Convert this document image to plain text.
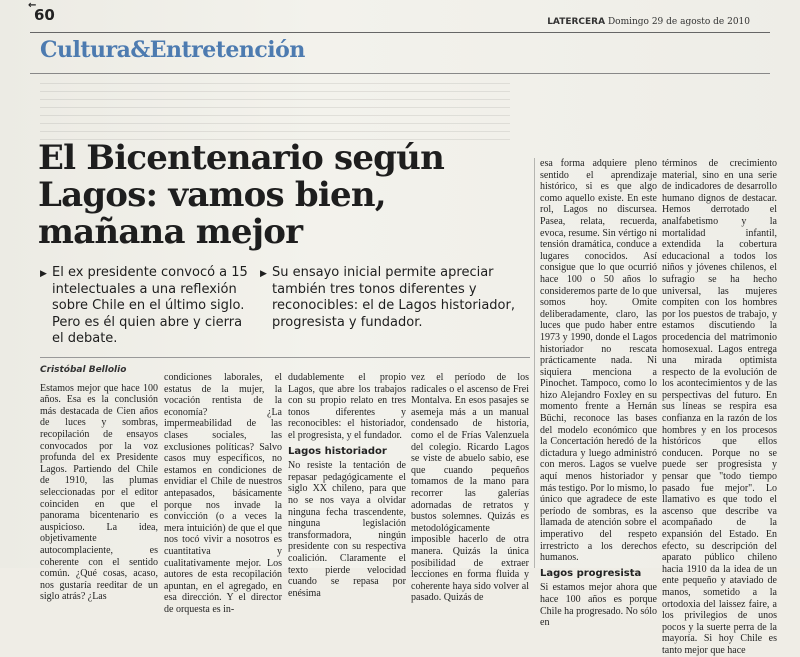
←
60	LATERCERA Domingo 29 de agosto de 2010
Cultura&Entretención
El Bicentenario según Lagos: vamos bien, mañana mejor
▶ El ex presidente convocó a 15 intelectuales a una reflexión sobre Chile en el último siglo. Pero es él quien abre y cierra el debate.
▶ Su ensayo inicial permite apreciar también tres tonos diferentes y reconocibles: el de Lagos historiador, progresista y fundador.

Cristóbal Bellolio

Estamos mejor que hace 100 años. Esa es la conclusión más destacada de Cien años de luces y sombras, recopilación de ensayos convocados por la voz profunda del ex Presidente Lagos. Partiendo del Chile de 1910, las plumas seleccionadas por el editor coinciden en que el panorama bicentenario es auspicioso. La idea, objetivamente autocomplaciente, es coherente con el sentido común. ¿Qué cosas, acaso, nos gustaría reeditar de un siglo atrás? ¿Las

condiciones laborales, el estatus de la mujer, la vocación rentista de la economía? ¿La impermeabilidad de las clases sociales, las exclusiones políticas? Salvo casos muy específicos, no estamos en condiciones de envidiar el Chile de nuestros antepasados, básicamente porque nos invade la convicción (o a veces la mera intuición) de que el que nos tocó vivir a nosotros es cuantitativa y cualitativamente mejor. Los autores de esta recopilación apuntan, en el agregado, en esa dirección. Y el director de orquesta es in-

dudablemente el propio Lagos, que abre los trabajos con su propio relato en tres tonos diferentes y reconocibles: el historiador, el progresista, y el fundador.

Lagos historiador

No resiste la tentación de repasar pedagógicamente el siglo XX chileno, para que no se nos vaya a olvidar ninguna fecha trascendente, ninguna legislación transformadora, ningún presidente con su respectiva coalición. Claramente el texto pierde velocidad cuando se repasa por enésima

vez el período de los radicales o el ascenso de Frei Montalva. En esos pasajes se asemeja más a un manual condensado de historia, como el de Frías Valenzuela del colegio. Ricardo Lagos se viste de abuelo sabio, ese que cuando pequeños tomamos de la mano para recorrer las galerías adornadas de retratos y bustos solemnes. Quizás es metodológicamente imposible hacerlo de otra manera. Quizás la única posibilidad de extraer lecciones en forma fluida y coherente haya sido volver al pasado. Quizás de

esa forma adquiere pleno sentido el aprendizaje histórico, si es que algo como aquello existe. En este rol, Lagos no discursea. Pasea, relata, recuerda, evoca, resume. Sin vértigo ni tensión dramática, conduce a lugares conocidos. Así consigue que lo que ocurrió hace 100 o 50 años lo consideremos parte de lo que somos hoy. Omite deliberadamente, claro, las luces que pudo haber entre 1973 y 1990, donde el Lagos historiador no rescata prácticamente nada. Ni siquiera menciona a Pinochet. Tampoco, como lo hizo Alejandro Foxley en su momento frente a Hernán Büchi, reconoce las bases del modelo económico que la Concertación heredó de la dictadura y luego administró con meros. Lagos se vuelve aquí menos historiador y más testigo. Por lo mismo, lo único que agradece de este período de sombras, es la llamada de atención sobre el imperativo del respeto irrestricto a los derechos humanos.

Lagos progresista

Si estamos mejor ahora que hace 100 años es porque Chile ha progresado. No sólo en

términos de crecimiento material, sino en una serie de indicadores de desarrollo humano dignos de destacar. Hemos derrotado el analfabetismo y la mortalidad infantil, extendida la cobertura educacional a todos los niños y jóvenes chilenos, el sufragio se ha hecho universal, las mujeres compiten con los hombres por los puestos de trabajo, y estamos discutiendo la procedencia del matrimonio homosexual. Lagos entrega una mirada optimista respecto de la evolución de los acontecimientos y de las perspectivas del futuro. En sus líneas se respira esa confianza en la razón de los hombres y en los procesos históricos que ellos conducen. Porque no se puede ser progresista y pensar que "todo tiempo pasado fue mejor". Lo llamativo es que todo el ascenso que describe va acompañado de la expansión del Estado. En efecto, su descripción del aparato público chileno hacia 1910 da la idea de un ente pequeño y ataviado de manos, sometido a la ortodoxia del laissez faire, a los privilegios de unos pocos y la suerte perra de la mayoría. Si hoy Chile es tanto mejor que hace
